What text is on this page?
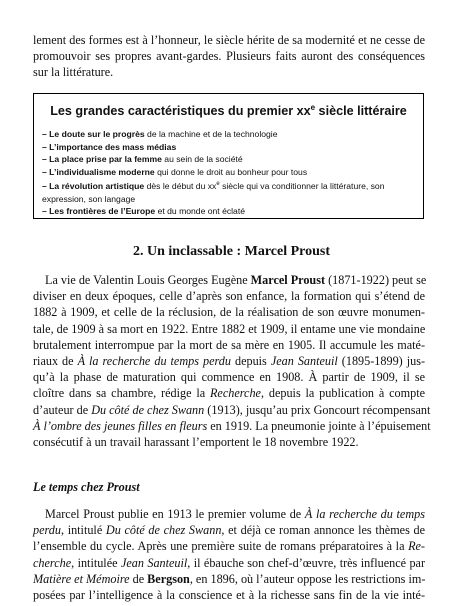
lement des formes est à l’honneur, le siècle hérite de sa modernité et ne cesse de
promouvoir ses propres avant-gardes. Plusieurs faits auront des conséquences
sur la littérature.
Les grandes caractéristiques du premier $xx^e$ siècle littéraire
– Le doute sur le progrès de la machine et de la technologie
– L’importance des mass médias
– La place prise par la femme au sein de la société
– L’individualisme moderne qui donne le droit au bonheur pour tous
– La révolution artistique dès le début du $xx^e$ siècle qui va conditionner la littérature, son expression, son langage
– Les frontières de l’Europe et du monde ont éclaté
2. Un inclassable : Marcel Proust
La vie de Valentin Louis Georges Eugène Marcel Proust (1871-1922) peut se
diviser en deux époques, celle d’après son enfance, la formation qui s’étend de
1882 à 1909, et celle de la réclusion, de la réalisation de son œuvre monumen-
tale, de 1909 à sa mort en 1922. Entre 1882 et 1909, il entame une vie mondaine
brutalement interrompue par la mort de sa mère en 1905. Il accumule les maté-
riaux de À la recherche du temps perdu depuis Jean Santeuil (1895-1899) jus-
qu’à la phase de maturation qui commence en 1908. À partir de 1909, il se
cloître dans sa chambre, rédige la Recherche, depuis la publication à compte
d’auteur de Du côté de chez Swann (1913), jusqu’au prix Goncourt récompensant
À l’ombre des jeunes filles en fleurs en 1919. La pneumonie jointe à l’épuisement
consécutif à un travail harassant l’emportent le 18 novembre 1922.
Le temps chez Proust
Marcel Proust publie en 1913 le premier volume de À la recherche du temps
perdu, intitulé Du côté de chez Swann, et déjà ce roman annonce les thèmes de
l’ensemble du cycle. Après une première suite de romans préparatoires à la Re-
cherche, intitulée Jean Santeuil, il ébauche son chef-d’œuvre, très influencé par
Matière et Mémoire de Bergson, en 1896, où l’auteur oppose les restrictions im-
posées par l’intelligence à la conscience et à la richesse sans fin de la vie inté-
